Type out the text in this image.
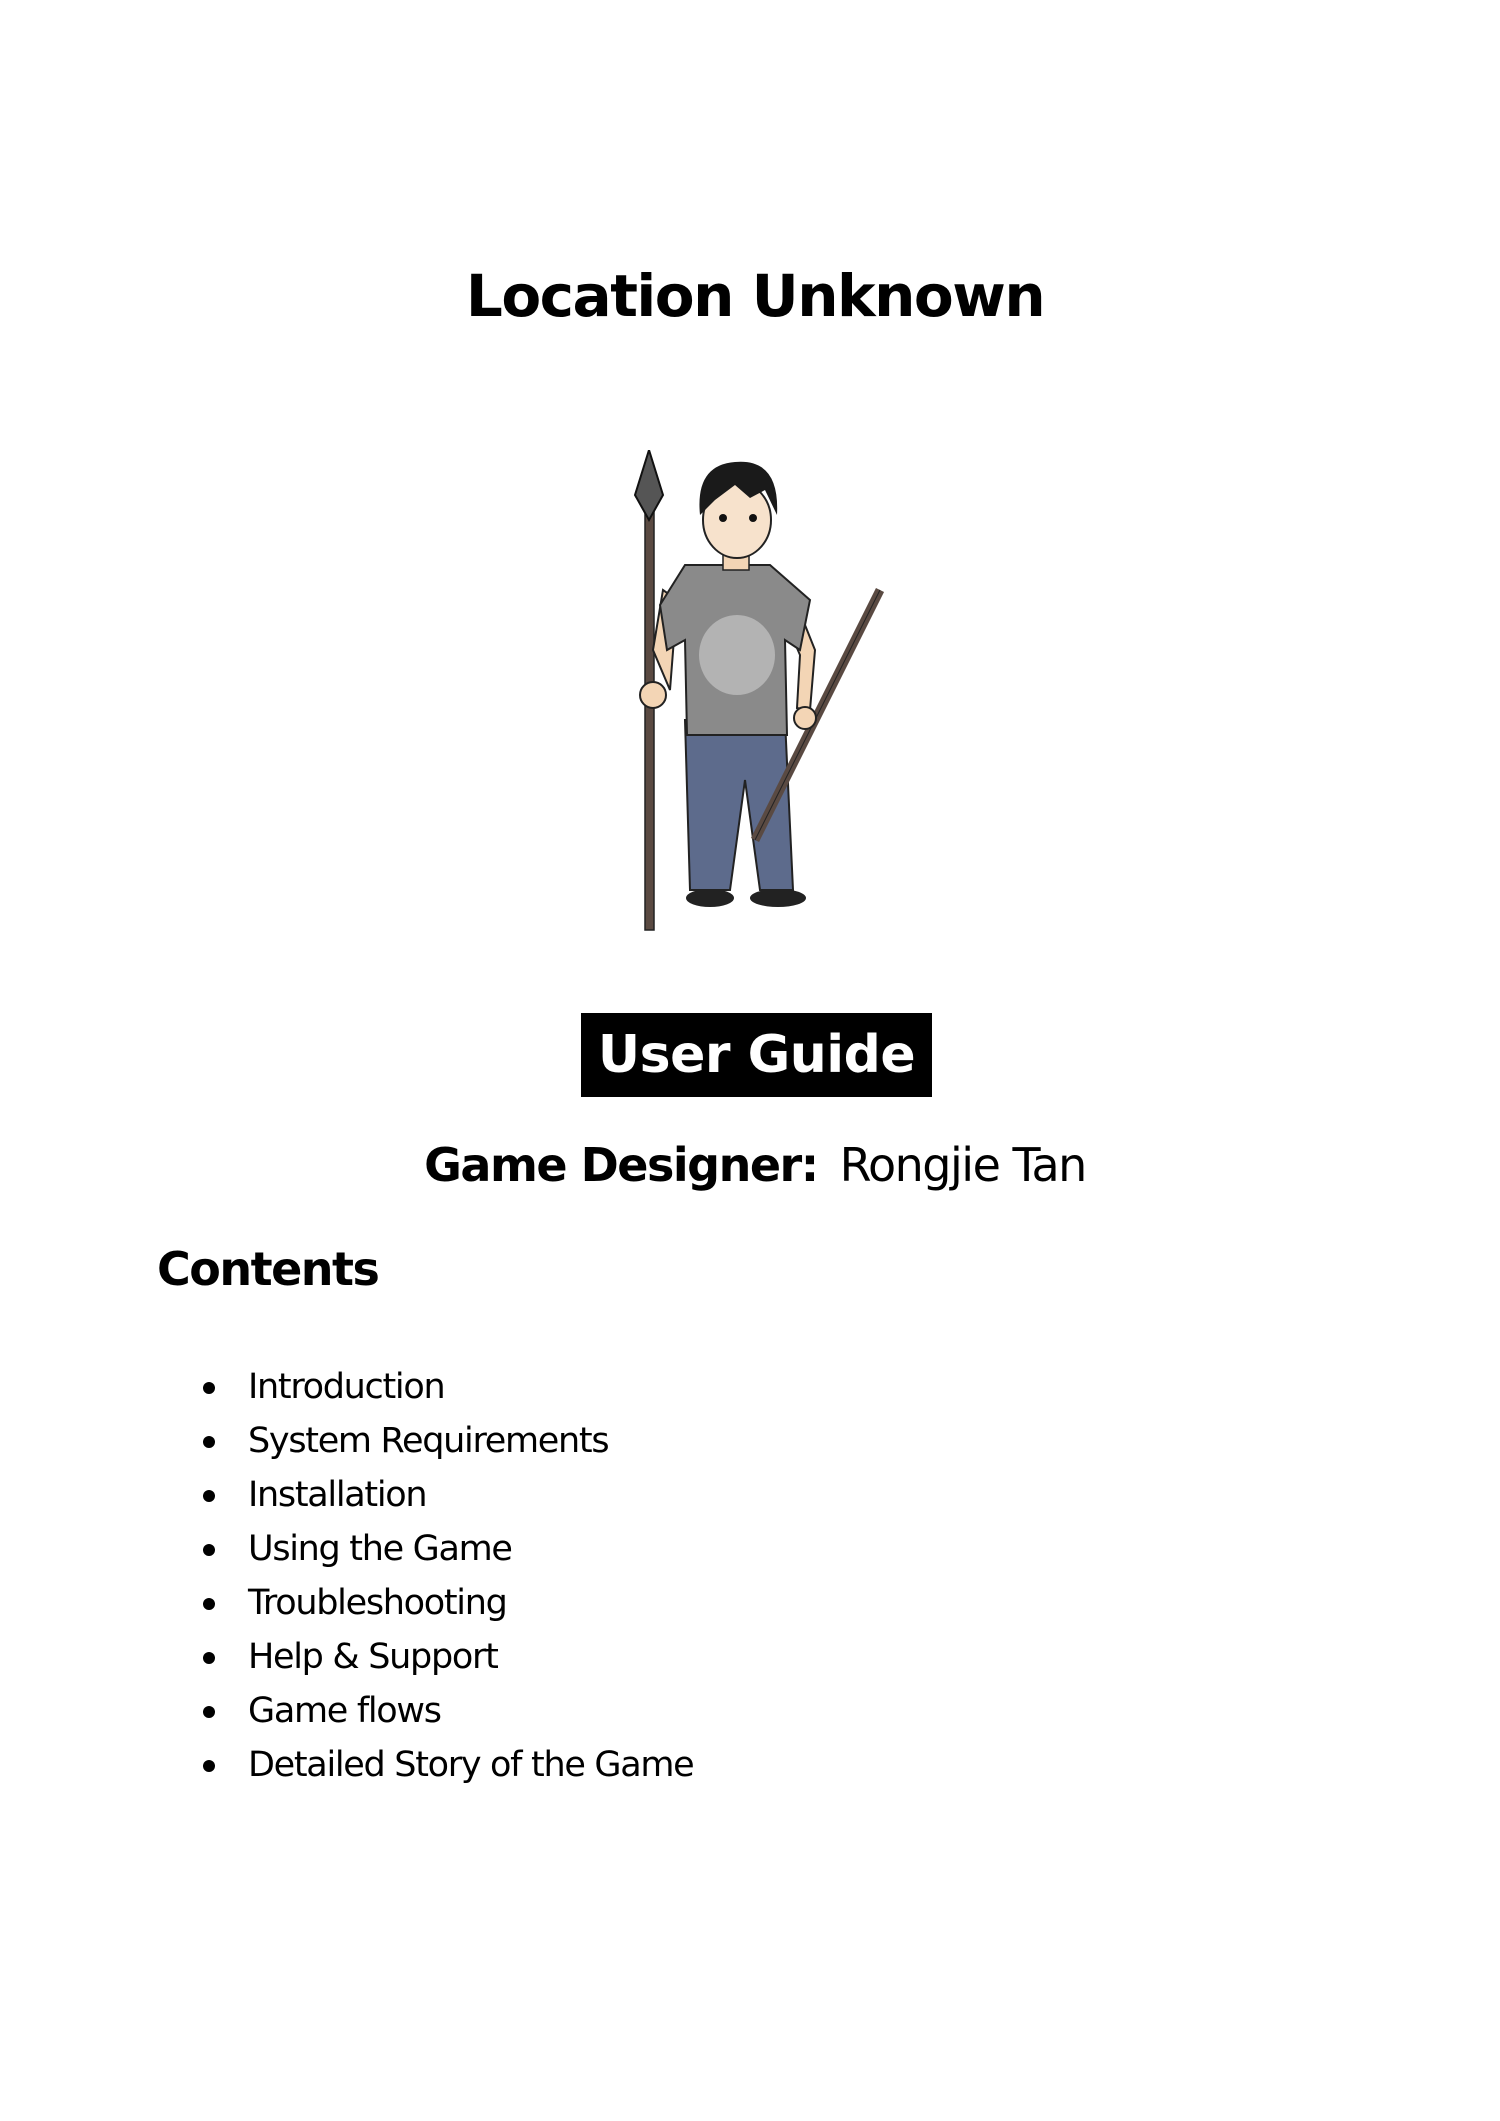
Location Unknown
User Guide
Game Designer: Rongjie Tan
Contents
Introduction
System Requirements
Installation
Using the Game
Troubleshooting
Help & Support
Game flows
Detailed Story of the Game
